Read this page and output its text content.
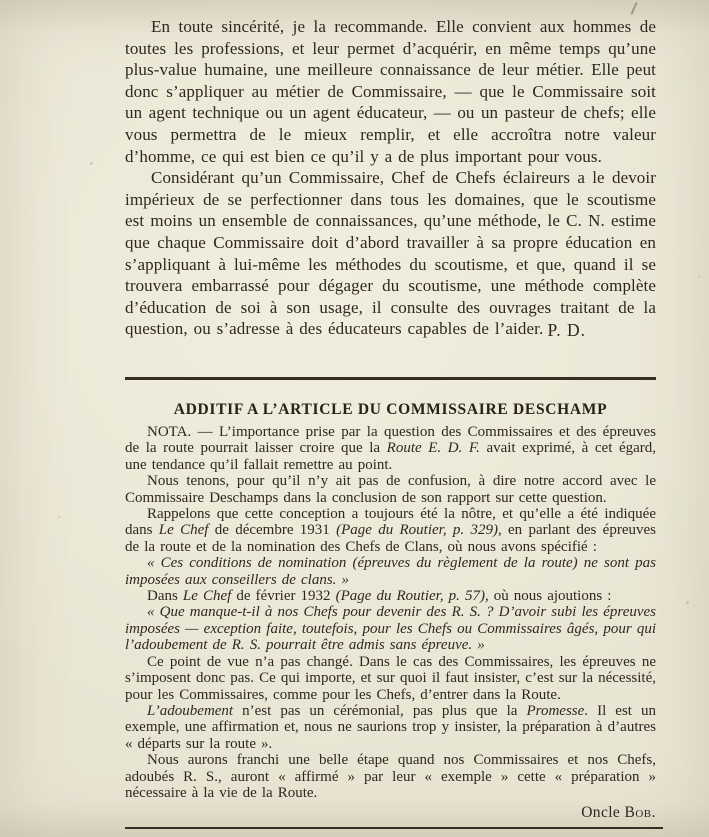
En toute sincérité, je la recommande. Elle convient aux hommes de toutes les professions, et leur permet d’acquérir, en même temps qu’une plus-value humaine, une meilleure connaissance de leur métier. Elle peut donc s’appliquer au métier de Commissaire, — que le Commissaire soit un agent technique ou un agent éducateur, — ou un pasteur de chefs; elle vous permettra de le mieux remplir, et elle accroîtra notre valeur d’homme, ce qui est bien ce qu’il y a de plus important pour vous.

Considérant qu’un Commissaire, Chef de Chefs éclaireurs a le devoir impérieux de se perfectionner dans tous les domaines, que le scoutisme est moins un ensemble de connaissances, qu’une méthode, le C. N. estime que chaque Commissaire doit d’abord travailler à sa propre éducation en s’appliquant à lui-même les méthodes du scoutisme, et que, quand il se trouvera embarrassé pour dégager du scoutisme, une méthode complète d’éducation de soi à son usage, il consulte des ouvrages traitant de la question, ou s’adresse à des éducateurs capables de l’aider. P. D.
ADDITIF A L’ARTICLE DU COMMISSAIRE DESCHAMP

NOTA. — L’importance prise par la question des Commissaires et des épreuves de la route pourrait laisser croire que la Route E. D. F. avait exprimé, à cet égard, une tendance qu’il fallait remettre au point.

Nous tenons, pour qu’il n’y ait pas de confusion, à dire notre accord avec le Commissaire Deschamps dans la conclusion de son rapport sur cette question.

Rappelons que cette conception a toujours été la nôtre, et qu’elle a été indiquée dans Le Chef de décembre 1931 (Page du Routier, p. 329), en parlant des épreuves de la route et de la nomination des Chefs de Clans, où nous avons spécifié :

« Ces conditions de nomination (épreuves du règlement de la route) ne sont pas imposées aux conseillers de clans. »

Dans Le Chef de février 1932 (Page du Routier, p. 57), où nous ajoutions :

« Que manque-t-il à nos Chefs pour devenir des R. S. ? D’avoir subi les épreuves imposées — exception faite, toutefois, pour les Chefs ou Commissaires âgés, pour qui l’adoubement de R. S. pourrait être admis sans épreuve. »

Ce point de vue n’a pas changé. Dans le cas des Commissaires, les épreuves ne s’imposent donc pas. Ce qui importe, et sur quoi il faut insister, c’est sur la nécessité, pour les Commissaires, comme pour les Chefs, d’entrer dans la Route.

L’adoubement n’est pas un cérémonial, pas plus que la Promesse. Il est un exemple, une affirmation et, nous ne saurions trop y insister, la préparation à d’autres « départs sur la route ».

Nous aurons franchi une belle étape quand nos Commissaires et nos Chefs, adoubés R. S., auront « affirmé » par leur « exemple » cette « préparation » nécessaire à la vie de la Route.

Oncle Bob.
